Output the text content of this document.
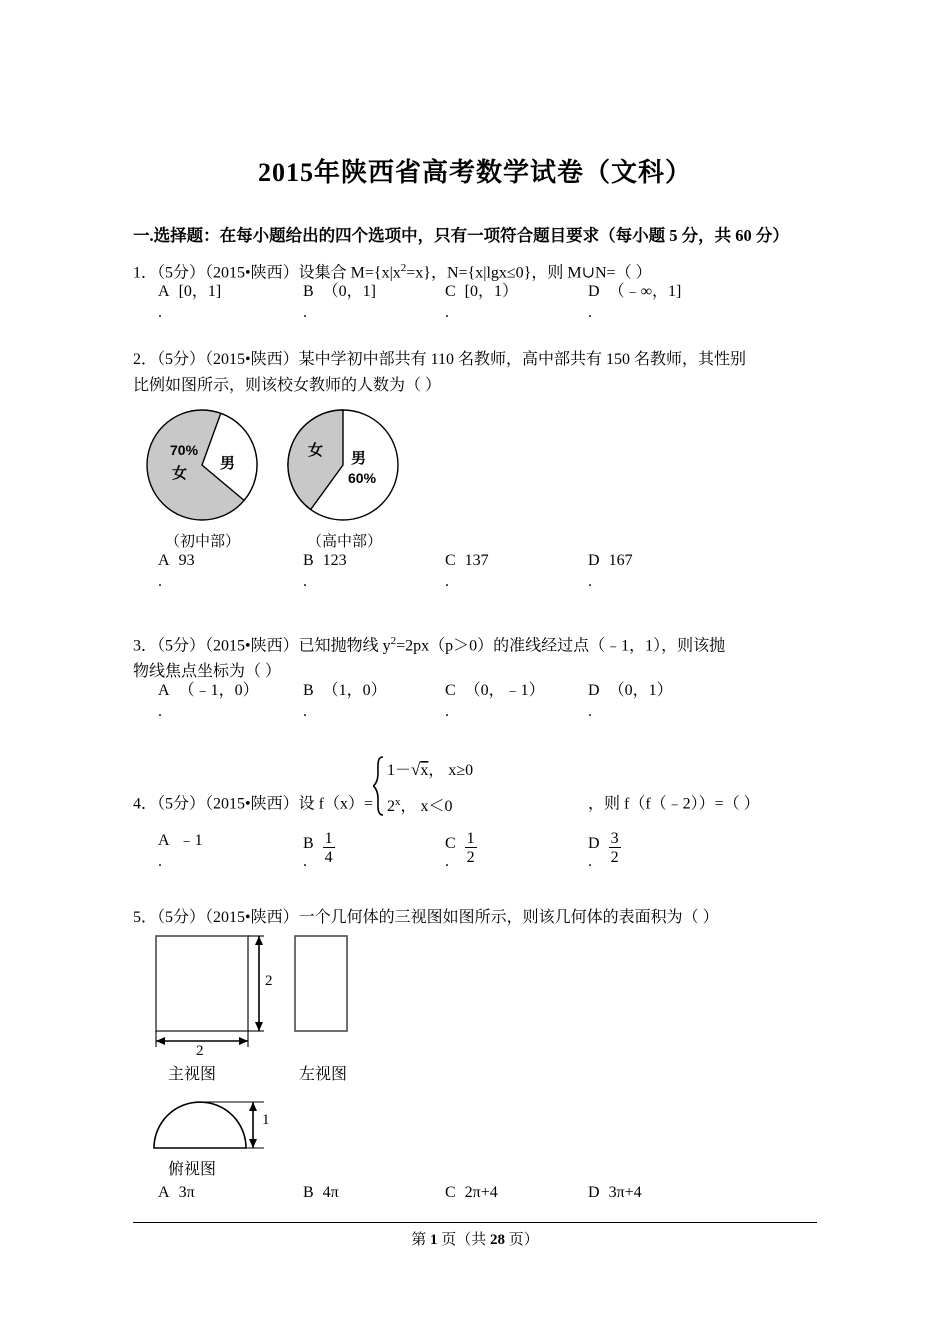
2015年陕西省高考数学试卷（文科）
一.选择题：在每小题给出的四个选项中，只有一项符合题目要求（每小题 5 分，共 60 分）
1．（5分）（2015•陕西）设集合 $M=\{x|x^2=x\}$，N={x|lgx≤0}，则 M∪N=（ ）
A [0，1]
.
B （0，1]
.
C [0，1）
.
D （﹣∞，1]
.
2．（5分）（2015•陕西）某中学初中部共有 110 名教师，高中部共有 150 名教师，其性别
比例如图所示，则该校女教师的人数为（ ）
70%
女
男
女 男
60%
（初中部）	（高中部）
A 93
.
B 123
.
C 137
.
D 167
.
3．（5分）（2015•陕西）已知抛物线 $y^2=2px(p>0)$的准线经过点（﹣1，1），则该抛
物线焦点坐标为（ ）
A （﹣1，0）
.
B （1，0）
.
C （0，﹣1）
.
D （0，1）
.
4．（5分）（2015•陕西）设 f（x）=
1－√x， x≥0
2$^x$， x＜0	，则 f（f（﹣2））=（ ）
A ﹣1
.
B $\frac{1}{4}$
.
C $\frac{1}{2}$
.
D $\frac{3}{2}$
.
5．（5分）（2015•陕西）一个几何体的三视图如图所示，则该几何体的表面积为（ ）
2
2
1
主视图	左视图
俯视图
A 3π	B 4π	C 2π+4	D 3π+4
第 1 页（共 28 页）
